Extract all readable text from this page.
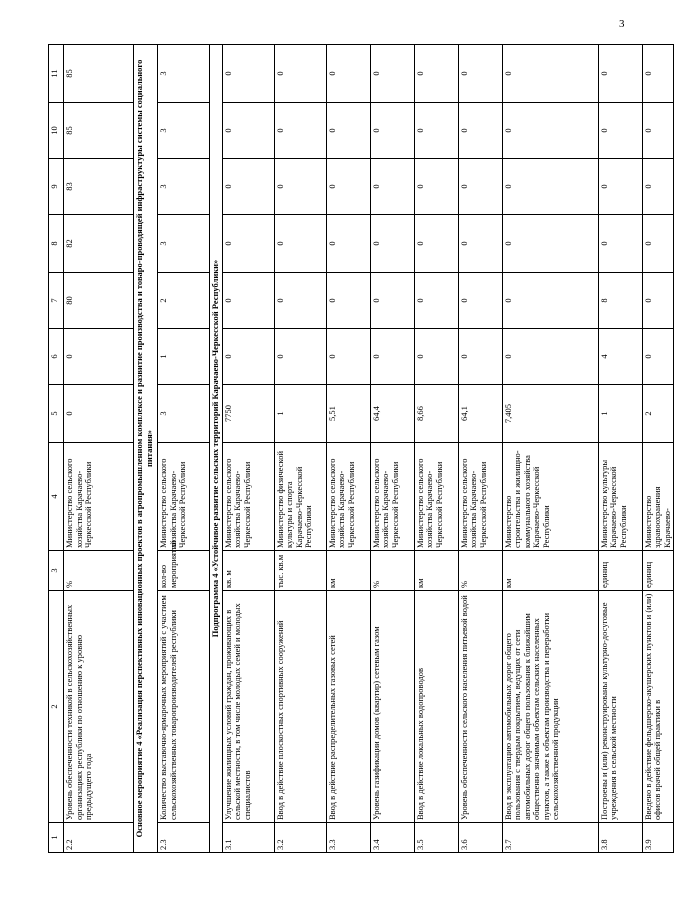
3
1	2	3	4	5	6	7	8	9	10	11
2.2	Уровень обеспеченности техникой в сельскохозяйственных организациях республики по отношению к уровню предыдущего года	%	Министерство сельского хозяйства Карачаево-Черкесской Республики	0	0	80	82	83	85	85
Основное мероприятие 4 «Реализация перспективных инновационных проектов в агропромышленном комплексе и развитие производства и товаро-проводящей инфраструктуры системы социального питания»										
2.3	Количество выставочно-ярмарочных мероприятий с участием сельскохозяйственных товаропроизводителей республики	кол-во мероприятий	Министерство сельского хозяйства Карачаево-Черкесской Республики	3	1	2	3	3	3	3
Подпрограмма 4 «Устойчивое развитие сельских территорий Карачаево-Черкесской Республики»										
3.1	Улучшение жилищных условий граждан, проживающих в сельской местности, в том числе молодых семей и молодых специалистов	кв. м	Министерство сельского хозяйства Карачаево-Черкесской Республики	7750	0	0	0	0	0	0
3.2	Ввод в действие плоскостных спортивных сооружений	тыс. кв.м	Министерство физической культуры и спорта Карачаево-Черкесской Республики	1	0	0	0	0	0	0
3.3	Ввод в действие распределительных газовых сетей	км	Министерство сельского хозяйства Карачаево-Черкесской Республики	5,51	0	0	0	0	0	0
3.4	Уровень газификации домов (квартир) сетевым газом	%	Министерство сельского хозяйства Карачаево-Черкесской Республики	64,4	0	0	0	0	0	0
3.5	Ввод в действие локальных водопроводов	км	Министерство сельского хозяйства Карачаево-Черкесской Республики	8,66	0	0	0	0	0	0
3.6	Уровень обеспеченности сельского населения питьевой водой	%	Министерство сельского хозяйства Карачаево-Черкесской Республики	64,1	0	0	0	0	0	0
3.7	Ввод в эксплуатацию автомобильных дорог общего пользования с твердым покрытием, ведущих от сети автомобильных дорог общего пользования к ближайшим общественно значимым объектам сельских населенных пунктов, а также к объектам производства и переработки сельскохозяйственной продукции	км	Министерство строительства и жилищно-коммунального хозяйства Карачаево-Черкесской Республики	7,405	0	0	0	0	0	0
3.8	Построены и (или) реконструированы культурно-досуговые учреждения в сельской местности	единиц	Министерство культуры Карачаево-Черкесской Республики	1	4	8	0	0	0	0
3.9	Введено в действие фельдшерско-акушерских пунктов и (или) офисов врачей общей практики в	единиц	Министерство здравоохранения Карачаево-	2	0	0	0	0	0	0
